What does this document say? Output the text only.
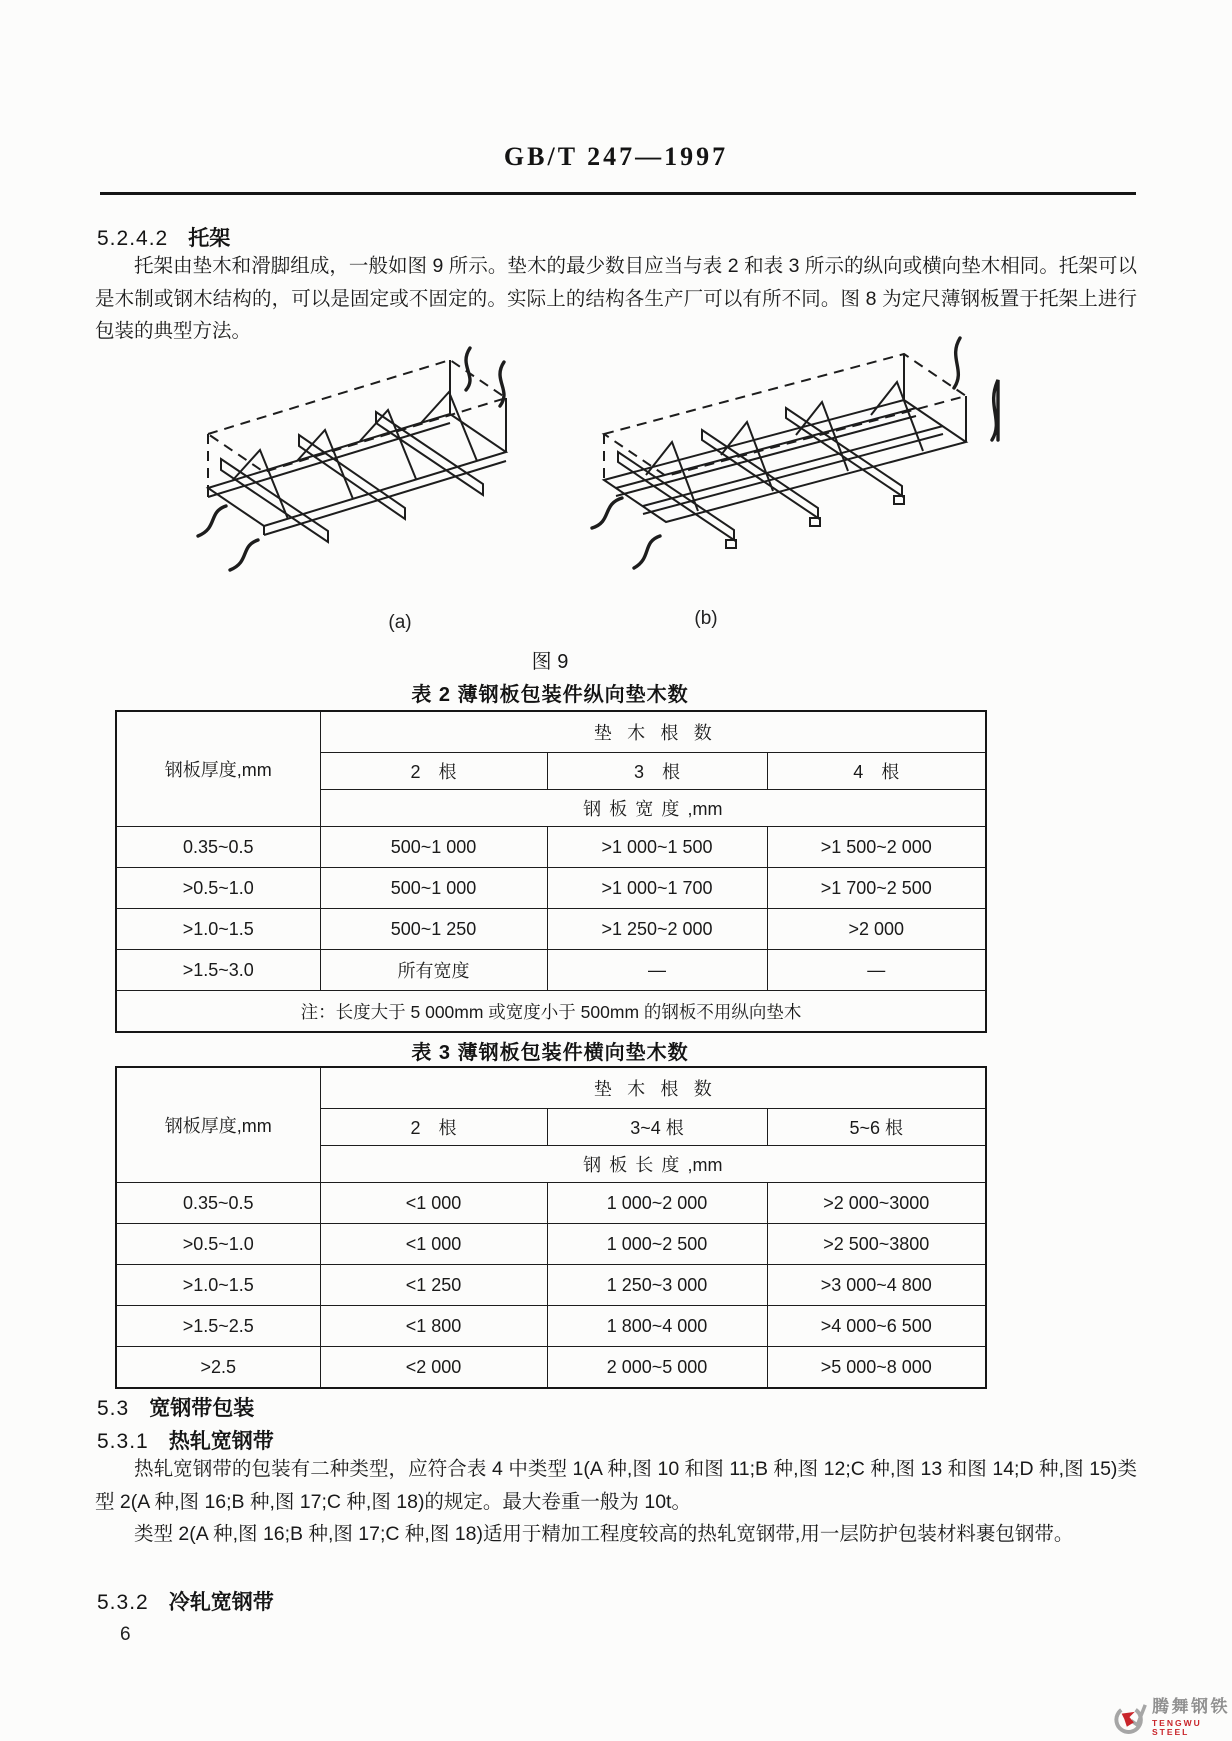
GB/T 247—1997
5.2.4.2 托架

托架由垫木和滑脚组成，一般如图 9 所示。垫木的最少数目应当与表 2 和表 3 所示的纵向或横向垫木相同。托架可以是木制或钢木结构的，可以是固定或不固定的。实际上的结构各生产厂可以有所不同。图 8 为定尺薄钢板置于托架上进行包装的典型方法。

(a)	(b)
图 9
表 2 薄钢板包装件纵向垫木数
钢板厚度,mm	垫木根数		
	2　根	3　根	4　根
	钢板宽度,mm		
0.35~0.5	500~1 000	>1 000~1 500	>1 500~2 000
>0.5~1.0	500~1 000	>1 000~1 700	>1 700~2 500
>1.0~1.5	500~1 250	>1 250~2 000	>2 000
>1.5~3.0	所有宽度	—	—
注：长度大于 5 000mm 或宽度小于 500mm 的钢板不用纵向垫木			
表 3 薄钢板包装件横向垫木数
钢板厚度,mm	垫木根数		
	2　根	3~4 根	5~6 根
	钢板长度,mm		
0.35~0.5	<1 000	1 000~2 000	>2 000~3000
>0.5~1.0	<1 000	1 000~2 500	>2 500~3800
>1.0~1.5	<1 250	1 250~3 000	>3 000~4 800
>1.5~2.5	<1 800	1 800~4 000	>4 000~6 500
>2.5	<2 000	2 000~5 000	>5 000~8 000
5.3 宽钢带包装
5.3.1 热轧宽钢带

热轧宽钢带的包装有二种类型，应符合表 4 中类型 1(A 种,图 10 和图 11;B 种,图 12;C 种,图 13 和图 14;D 种,图 15)类型 2(A 种,图 16;B 种,图 17;C 种,图 18)的规定。最大卷重一般为 10t。

类型 2(A 种,图 16;B 种,图 17;C 种,图 18)适用于精加工程度较高的热轧宽钢带,用一层防护包装材料裹包钢带。

5.3.2 冷轧宽钢带
6
腾舞钢铁
TENGWU STEEL
